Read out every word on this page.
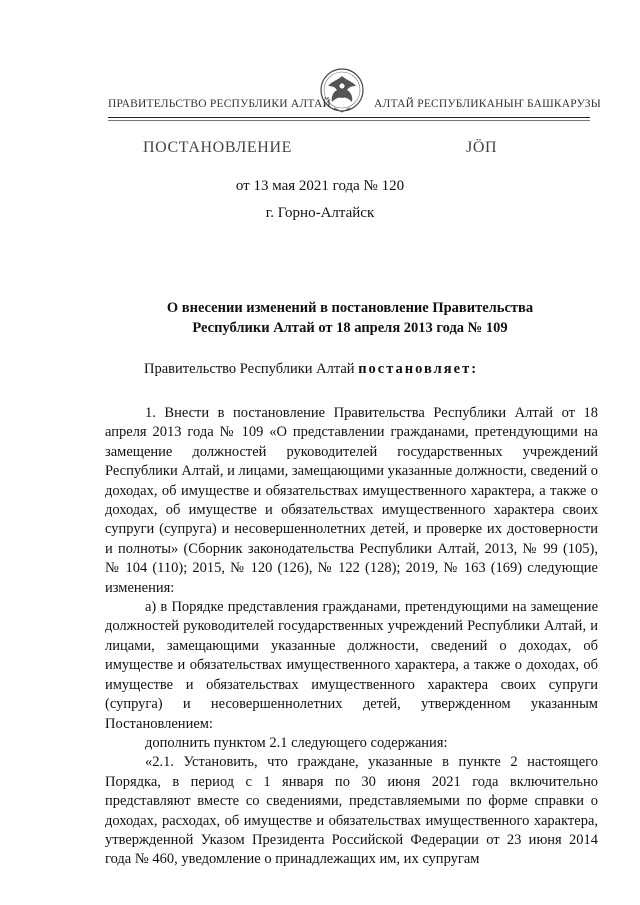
ПРАВИТЕЛЬСТВО РЕСПУБЛИКИ АЛТАЙ	АЛТАЙ РЕСПУБЛИКАНЫҤ БАШКАРУЗЫ
ПОСТАНОВЛЕНИЕ	ЈӦП
от 13 мая 2021 года № 120
г. Горно-Алтайск
О внесении изменений в постановление Правительства
Республики Алтай от 18 апреля 2013 года № 109
Правительство Республики Алтай постановляет:

1. Внести в постановление Правительства Республики Алтай от 18 апреля 2013 года № 109 «О представлении гражданами, претендующими на замещение должностей руководителей государственных учреждений Республики Алтай, и лицами, замещающими указанные должности, сведений о доходах, об имуществе и обязательствах имущественного характера, а также о доходах, об имуществе и обязательствах имущественного характера своих супруги (супруга) и несовершеннолетних детей, и проверке их достоверности и полноты» (Сборник законодательства Республики Алтай, 2013, № 99 (105), № 104 (110); 2015, № 120 (126), № 122 (128); 2019, № 163 (169) следующие изменения:

а) в Порядке представления гражданами, претендующими на замещение должностей руководителей государственных учреждений Республики Алтай, и лицами, замещающими указанные должности, сведений о доходах, об имуществе и обязательствах имущественного характера, а также о доходах, об имуществе и обязательствах имущественного характера своих супруги (супруга) и несовершеннолетних детей, утвержденном указанным Постановлением:

дополнить пунктом 2.1 следующего содержания:

«2.1. Установить, что граждане, указанные в пункте 2 настоящего Порядка, в период с 1 января по 30 июня 2021 года включительно представляют вместе со сведениями, представляемыми по форме справки о доходах, расходах, об имуществе и обязательствах имущественного характера, утвержденной Указом Президента Российской Федерации от 23 июня 2014 года № 460, уведомление о принадлежащих им, их супругам
